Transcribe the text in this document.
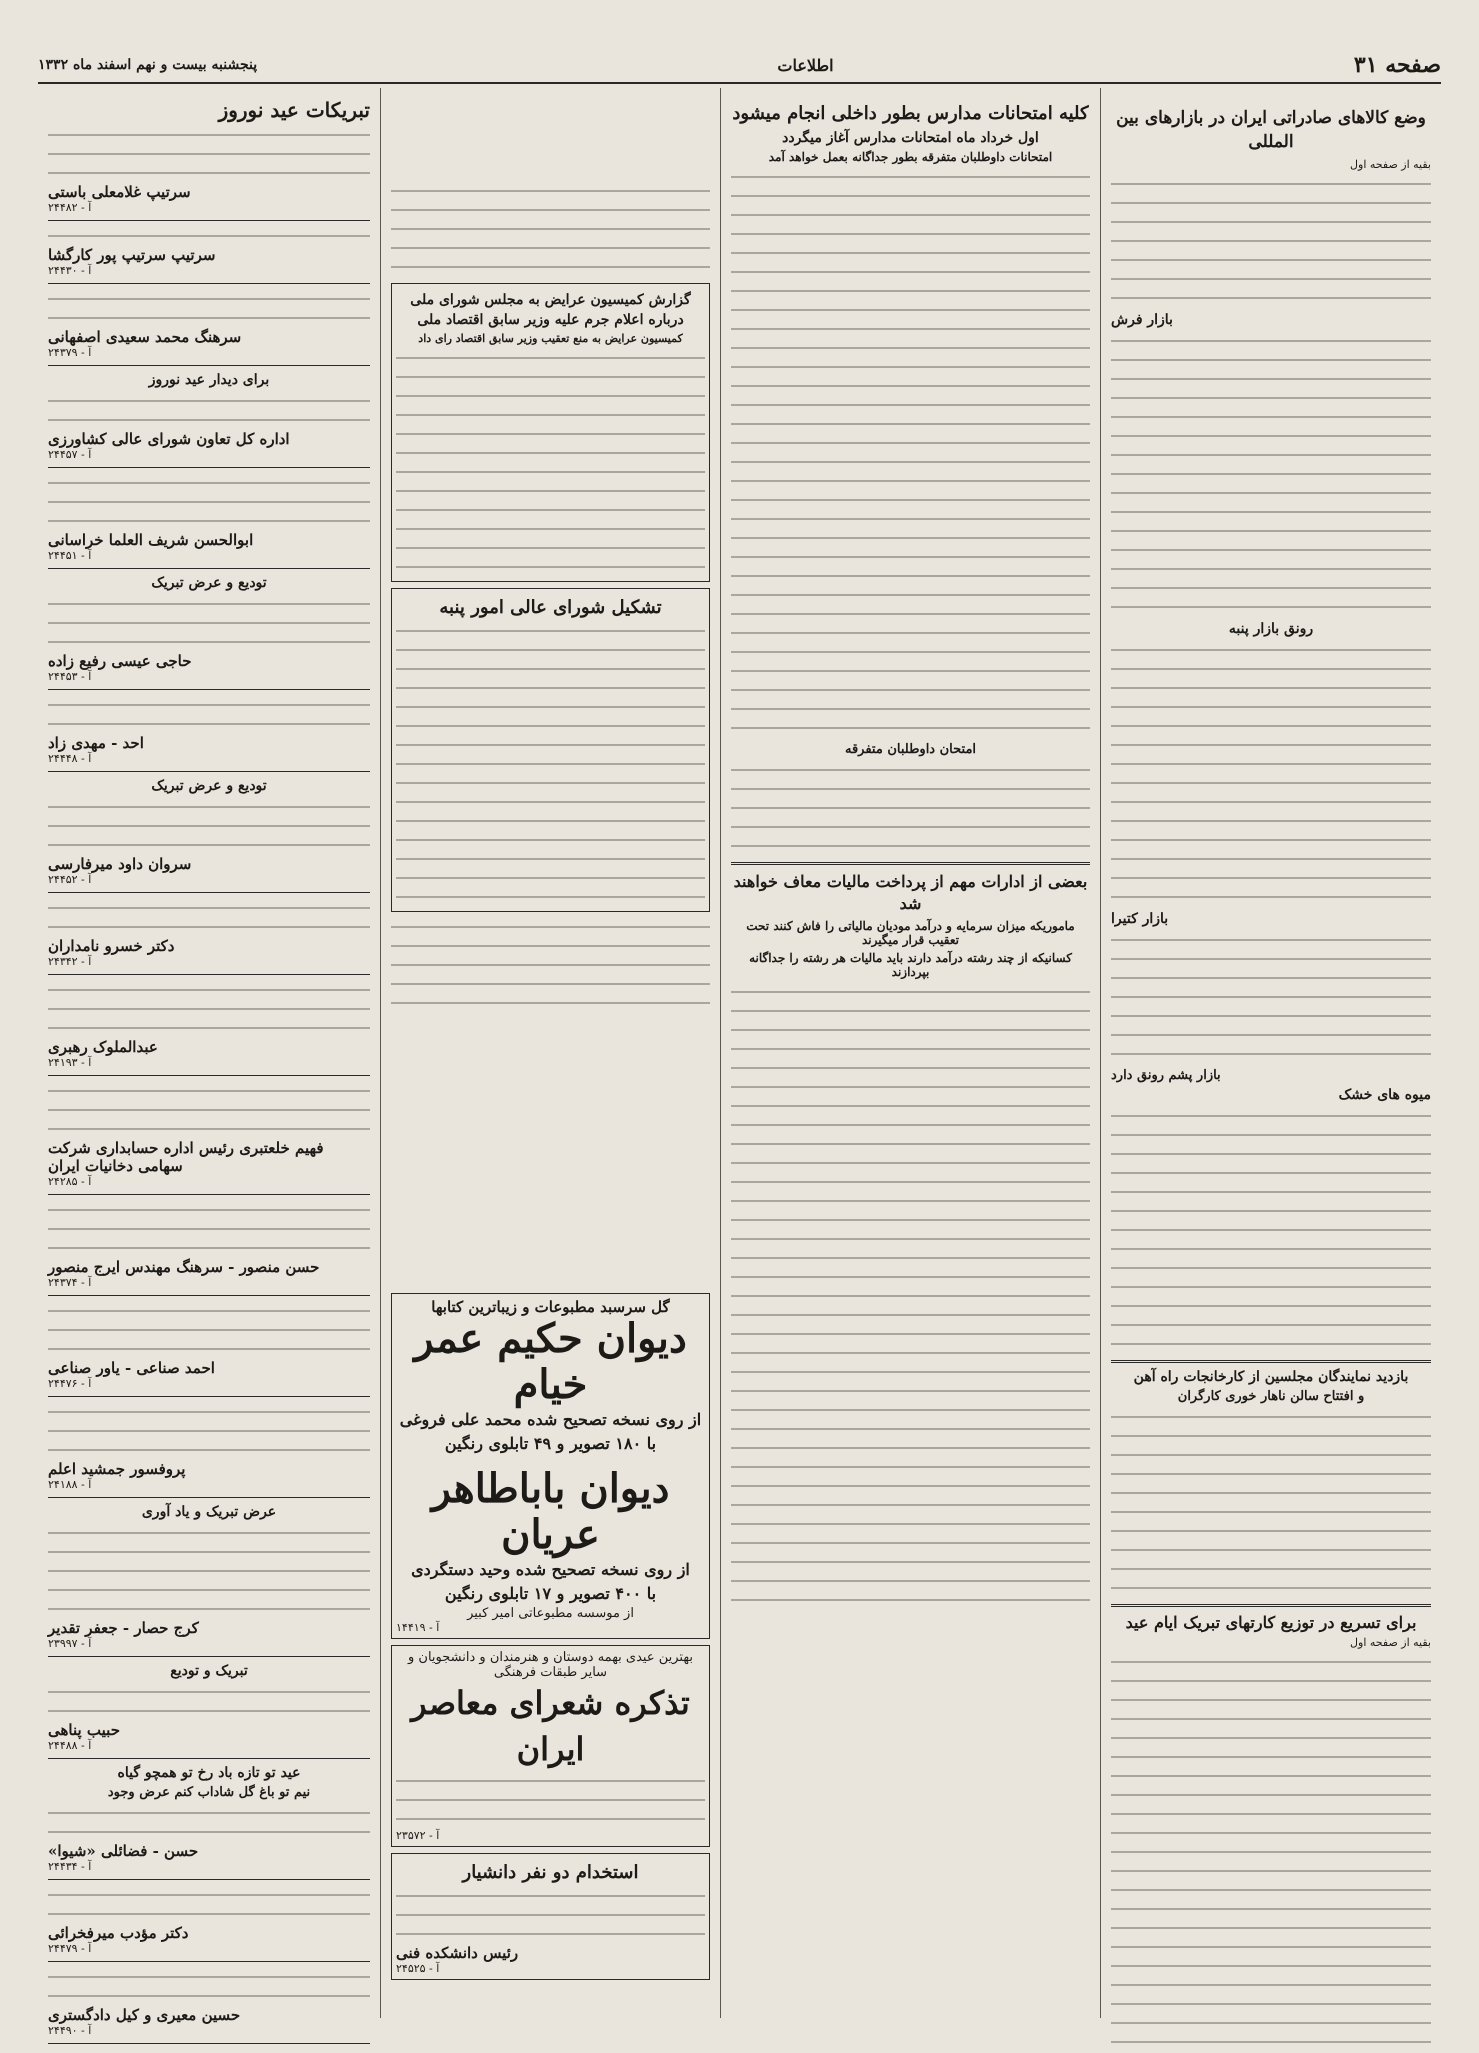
صفحه ۳۱
اطلاعات
پنجشنبه بیست و نهم اسفند ماه ۱۳۳۲
وضع کالاهای صادراتی ایران در بازارهای بین المللی
بقیه از صفحه اول
بازار فرش
رونق بازار پنبه
بازار کتیرا
بازار پشم رونق دارد
میوه های خشک
بازدید نمایندگان مجلسین از کارخانجات راه آهن
و افتتاح سالن ناهار خوری کارگران
برای تسریع در توزیع کارتهای تبریک ایام عید
بقیه از صفحه اول
کلیه امتحانات مدارس بطور داخلی انجام میشود
اول خرداد ماه امتحانات مدارس آغاز میگردد
امتحانات داوطلبان متفرقه بطور جداگانه بعمل خواهد آمد
امتحان داوطلبان متفرقه
بعضی از ادارات مهم از پرداخت مالیات معاف خواهند شد
ماموریکه میزان سرمایه و درآمد مودیان مالیاتی را فاش کنند تحت تعقیب قرار میگیرند
کسانیکه از چند رشته درآمد دارند باید مالیات هر رشته را جداگانه بپردازند
گزارش کمیسیون عرایض به مجلس شورای ملی
درباره اعلام جرم علیه وزیر سابق اقتصاد ملی
کمیسیون عرایض به منع تعقیب وزیر سابق اقتصاد رای داد
تشکیل شورای عالی امور پنبه
گل سرسبد مطبوعات و زیباترین کتابها
دیوان حکیم عمر خیام
از روی نسخه تصحیح شده محمد علی فروغی
با ۱۸۰ تصویر و ۴۹ تابلوی رنگین
دیوان باباطاهر عریان
از روی نسخه تصحیح شده وحید دستگردی
با ۴۰۰ تصویر و ۱۷ تابلوی رنگین
از موسسه مطبوعاتی امیر کبیر
۱۴۴۱۹ - آ
بهترین عیدی بهمه دوستان و هنرمندان و دانشجویان و سایر طبقات فرهنگی
تذکره شعرای معاصر ایران
۲۳۵۷۲ - آ
استخدام دو نفر دانشیار
رئیس دانشکده فنی
۲۴۵۲۵ - آ
تبریکات عید نوروز
سرتیپ غلامعلی باستی
۲۴۴۸۲ - آ
سرتیپ سرتیپ پور کارگشا
۲۴۴۳۰ - آ
سرهنگ محمد سعیدی اصفهانی
۲۴۳۷۹ - آ
برای دیدار عید نوروز
اداره کل تعاون شورای عالی کشاورزی
۲۴۴۵۷ - آ
ابوالحسن شریف العلما خراسانی
۲۴۴۵۱ - آ
تودیع و عرض تبریک
حاجی عیسی رفیع زاده
۲۴۴۵۳ - آ
احد - مهدی زاد
۲۴۴۴۸ - آ
تودیع و عرض تبریک
سروان داود میرفارسی
۲۴۴۵۲ - آ
دکتر خسرو نامداران
۲۴۳۴۲ - آ
عبدالملوک رهبری
۲۴۱۹۳ - آ
فهیم خلعتبری رئیس اداره حسابداری شرکت سهامی دخانیات ایران
۲۴۲۸۵ - آ
حسن منصور - سرهنگ مهندس ایرج منصور
۲۴۳۷۴ - آ
احمد صناعی - یاور صناعی
۲۴۴۷۶ - آ
پروفسور جمشید اعلم
۲۴۱۸۸ - آ
عرض تبریک و یاد آوری
کرج حصار - جعفر تقدیر
۲۳۹۹۷ - آ
تبریک و تودیع
حبیب پناهی
۲۴۴۸۸ - آ
عید تو تازه باد رخ تو همچو گیاه
نیم تو باغ گل شاداب کنم عرض وجود
حسن - فضائلی «شیوا»
۲۴۴۳۴ - آ
دکتر مؤدب میرفخرائی
۲۴۴۷۹ - آ
حسین معیری و کیل دادگستری
۲۴۴۹۰ - آ
